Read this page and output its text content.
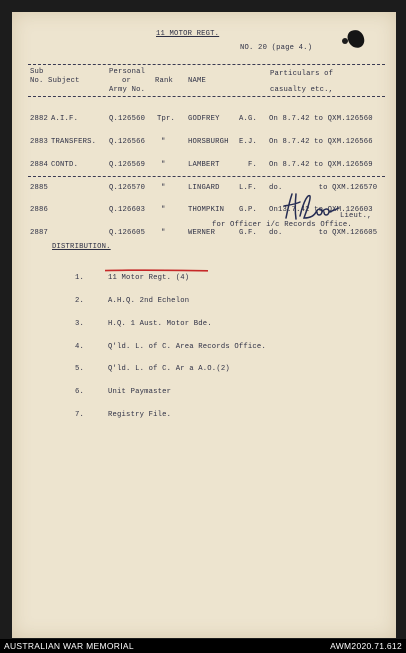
11 MOTOR REGT.
NO. 20 (page 4.)
Sub
No. Subject
Personal
or
Army No.
Rank NAME
Particulars of
casualty etc.,

2882

2883

2884

2885

2886

2887

A.I.F.

TRANSFERS.

CONTD.

Q.126560

Q.126566

Q.126569

Q.126570

Q.126603

Q.126605

Tpr.

"

"

"

"

"

GODFREY

HORSBURGH

LAMBERT

LINGARD

THOMPKIN

WERNER

A.G.

E.J.

F.

L.F.

G.P.

G.F.

On 8.7.42 to QXM.126560

On 8.7.42 to QXM.126566

On 8.7.42 to QXM.126569

do.        to QXM.126570

On13.7.42 to QXM.126603

do.        to QXM.126605

Lieut.,
for Officer i/c Records Office.
DISTRIBUTION.

1.

2.

3.

4.

5.

6.

7.

11 Motor Regt. (4)

A.H.Q. 2nd Echelon

H.Q. 1 Aust. Motor Bde.

Q'ld. L. of C. Area Records Office.

Q'ld. L. of C. Ar a A.O.(2)

Unit Paymaster

Registry File.

AUSTRALIAN WAR MEMORIAL	AWM2020.71.612
